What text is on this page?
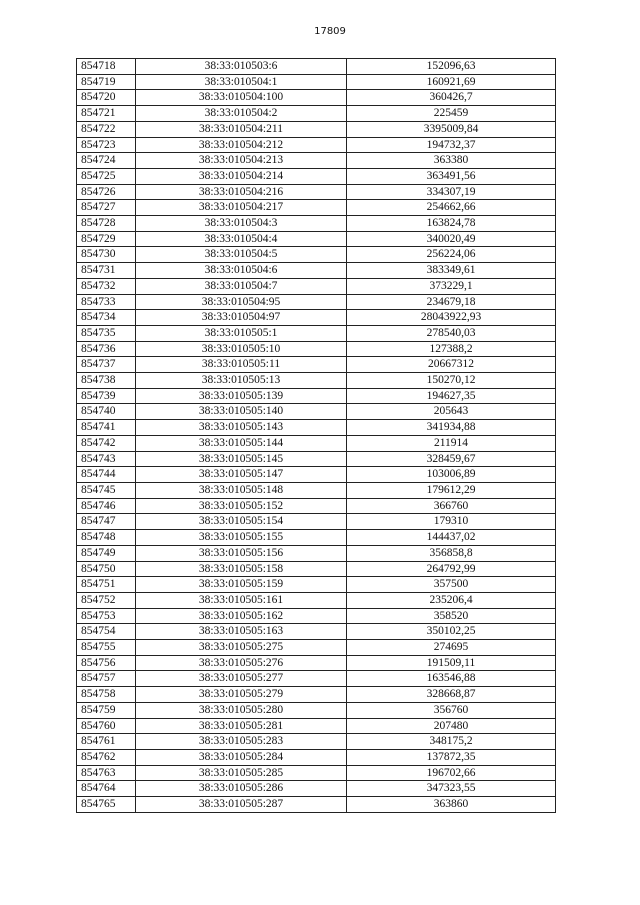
17809
854718	38:33:010503:6	152096,63
854719	38:33:010504:1	160921,69
854720	38:33:010504:100	360426,7
854721	38:33:010504:2	225459
854722	38:33:010504:211	3395009,84
854723	38:33:010504:212	194732,37
854724	38:33:010504:213	363380
854725	38:33:010504:214	363491,56
854726	38:33:010504:216	334307,19
854727	38:33:010504:217	254662,66
854728	38:33:010504:3	163824,78
854729	38:33:010504:4	340020,49
854730	38:33:010504:5	256224,06
854731	38:33:010504:6	383349,61
854732	38:33:010504:7	373229,1
854733	38:33:010504:95	234679,18
854734	38:33:010504:97	28043922,93
854735	38:33:010505:1	278540,03
854736	38:33:010505:10	127388,2
854737	38:33:010505:11	20667312
854738	38:33:010505:13	150270,12
854739	38:33:010505:139	194627,35
854740	38:33:010505:140	205643
854741	38:33:010505:143	341934,88
854742	38:33:010505:144	211914
854743	38:33:010505:145	328459,67
854744	38:33:010505:147	103006,89
854745	38:33:010505:148	179612,29
854746	38:33:010505:152	366760
854747	38:33:010505:154	179310
854748	38:33:010505:155	144437,02
854749	38:33:010505:156	356858,8
854750	38:33:010505:158	264792,99
854751	38:33:010505:159	357500
854752	38:33:010505:161	235206,4
854753	38:33:010505:162	358520
854754	38:33:010505:163	350102,25
854755	38:33:010505:275	274695
854756	38:33:010505:276	191509,11
854757	38:33:010505:277	163546,88
854758	38:33:010505:279	328668,87
854759	38:33:010505:280	356760
854760	38:33:010505:281	207480
854761	38:33:010505:283	348175,2
854762	38:33:010505:284	137872,35
854763	38:33:010505:285	196702,66
854764	38:33:010505:286	347323,55
854765	38:33:010505:287	363860
